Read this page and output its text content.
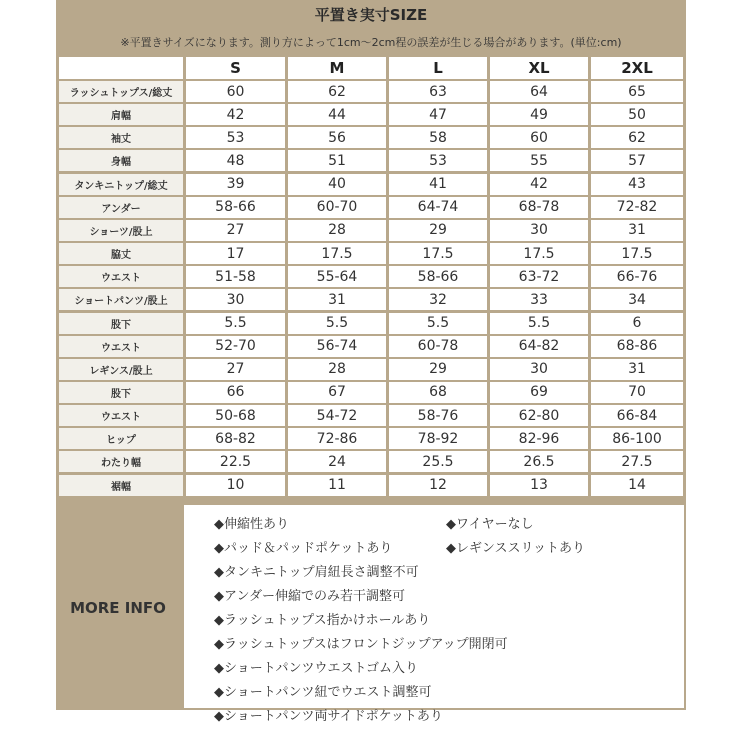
平置き実寸SIZE
※平置きサイズになります。測り方によって1cm〜2cm程の誤差が生じる場合があります。(単位:cm)
S	M	L	XL	2XL
ラッシュトップス/総丈	60	62	63	64	65
肩幅	42	44	47	49	50
袖丈	53	56	58	60	62
身幅	48	51	53	55	57
タンキニトップ/総丈	39	40	41	42	43
アンダー	58-66	60-70	64-74	68-78	72-82
ショーツ/股上	27	28	29	30	31
脇丈	17	17.5	17.5	17.5	17.5
ウエスト	51-58	55-64	58-66	63-72	66-76
ショートパンツ/股上	30	31	32	33	34
股下	5.5	5.5	5.5	5.5	6
ウエスト	52-70	56-74	60-78	64-82	68-86
レギンス/股上	27	28	29	30	31
股下	66	67	68	69	70
ウエスト	50-68	54-72	58-76	62-80	66-84
ヒップ	68-82	72-86	78-92	82-96	86-100
わたり幅	22.5	24	25.5	26.5	27.5
裾幅	10	11	12	13	14
MORE INFO
◆伸縮性あり	◆ワイヤーなし
◆パッド＆パッドポケットあり	◆レギンススリットあり
◆タンキニトップ肩紐長さ調整不可
◆アンダー伸縮でのみ若干調整可
◆ラッシュトップス指かけホールあり
◆ラッシュトップスはフロントジップアップ開閉可
◆ショートパンツウエストゴム入り
◆ショートパンツ紐でウエスト調整可
◆ショートパンツ両サイドポケットあり
